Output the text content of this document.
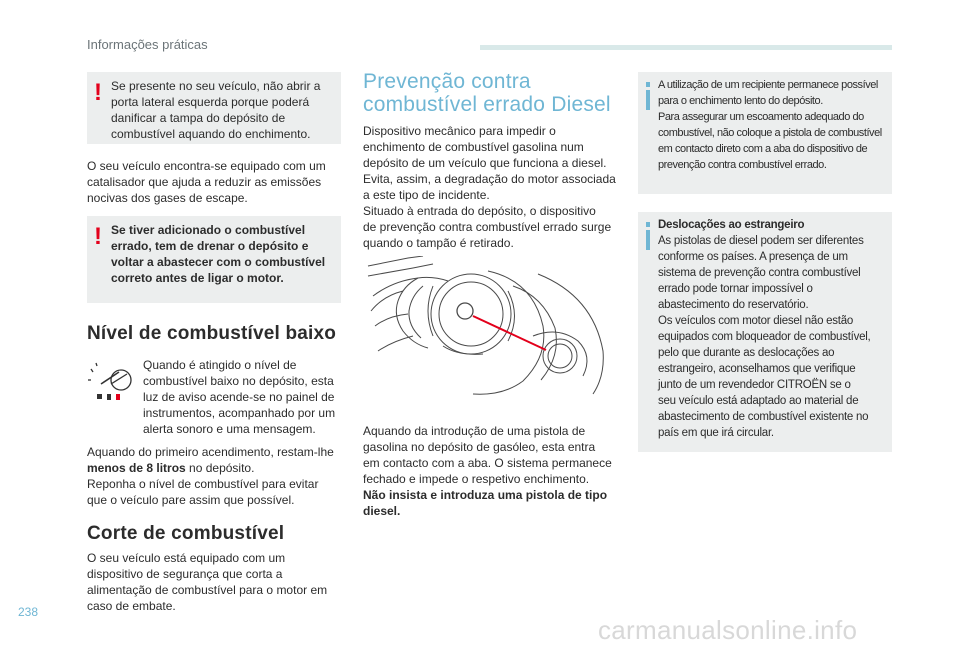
Informações práticas
! Se presente no seu veículo, não abrir a
porta lateral esquerda porque poderá
danificar a tampa do depósito de
combustível aquando do enchimento.
O seu veículo encontra-se equipado com um
catalisador que ajuda a reduzir as emissões
nocivas dos gases de escape.
! Se tiver adicionado o combustível
errado, tem de drenar o depósito e
voltar a abastecer com o combustível
correto antes de ligar o motor.
Nível de combustível baixo
Quando é atingido o nível de
combustível baixo no depósito, esta
luz de aviso acende-se no painel de
instrumentos, acompanhado por um
alerta sonoro e uma mensagem.
Aquando do primeiro acendimento, restam-lhe
menos de 8 litros no depósito.
Reponha o nível de combustível para evitar
que o veículo pare assim que possível.
Corte de combustível
O seu veículo está equipado com um
dispositivo de segurança que corta a
alimentação de combustível para o motor em
caso de embate.
Prevenção contra
combustível errado Diesel
Dispositivo mecânico para impedir o
enchimento de combustível gasolina num
depósito de um veículo que funciona a diesel.
Evita, assim, a degradação do motor associada
a este tipo de incidente.
Situado à entrada do depósito, o dispositivo
de prevenção contra combustível errado surge
quando o tampão é retirado.
Aquando da introdução de uma pistola de
gasolina no depósito de gasóleo, esta entra
em contacto com a aba. O sistema permanece
fechado e impede o respetivo enchimento.
Não insista e introduza uma pistola de tipo
diesel.
A utilização de um recipiente permanece possível
para o enchimento lento do depósito.
Para assegurar um escoamento adequado do
combustível, não coloque a pistola de combustível
em contacto direto com a aba do dispositivo de
prevenção contra combustível errado.
Deslocações ao estrangeiro
As pistolas de diesel podem ser diferentes
conforme os países. A presença de um
sistema de prevenção contra combustível
errado pode tornar impossível o
abastecimento do reservatório.
Os veículos com motor diesel não estão
equipados com bloqueador de combustível,
pelo que durante as deslocações ao
estrangeiro, aconselhamos que verifique
junto de um revendedor CITROËN se o
seu veículo está adaptado ao material de
abastecimento de combustível existente no
país em que irá circular.
238
carmanualsonline.info
